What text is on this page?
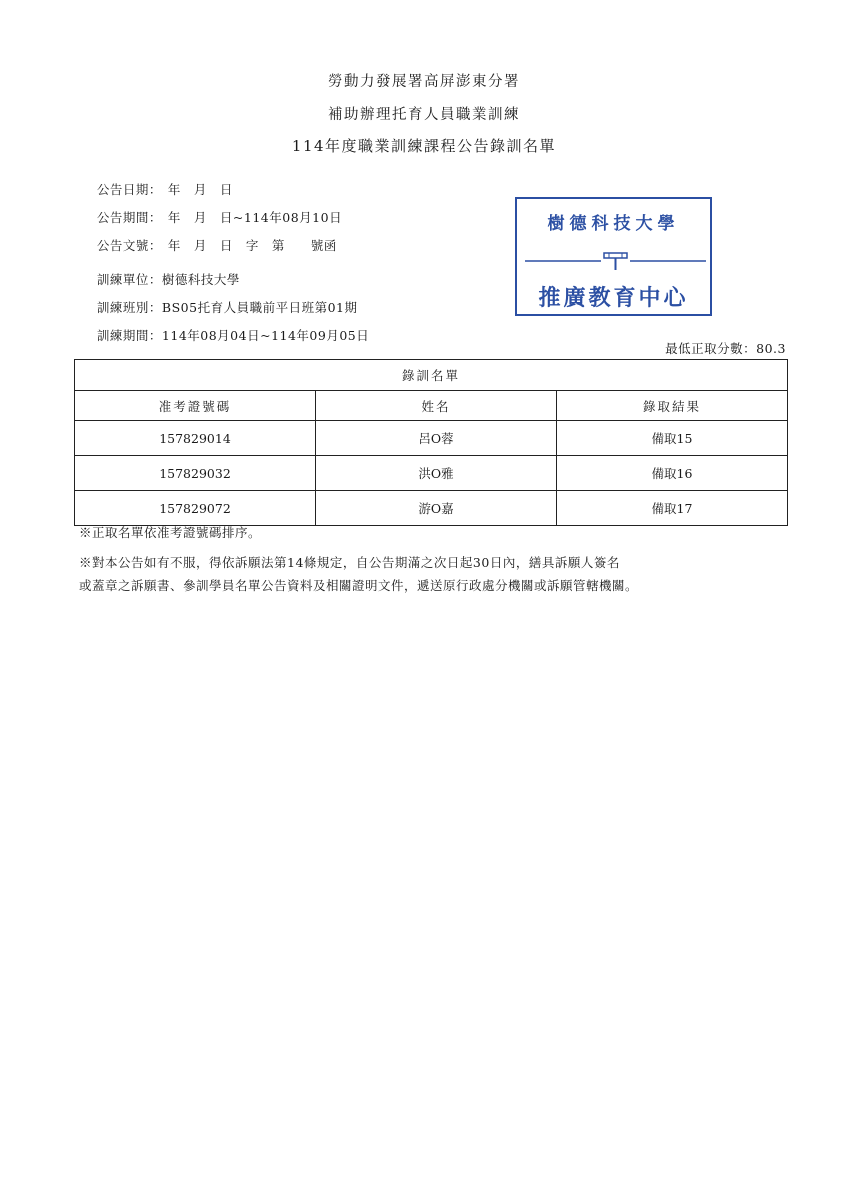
勞動力發展署高屏澎東分署
補助辦理托育人員職業訓練
114年度職業訓練課程公告錄訓名單

公告日期： 年　月　日

公告期間： 年　月　日~114年08月10日

公告文號： 年　月　日　字　第　　號函

訓練單位：樹德科技大學

訓練班別：BS05托育人員職前平日班第01期

訓練期間：114年08月04日~114年09月05日

樹德科技大學
推廣教育中心
最低正取分數：80.3
錄訓名單		
准考證號碼	姓名	錄取結果
157829014	呂O蓉	備取15
157829032	洪O雅	備取16
157829072	游O嘉	備取17
※正取名單依准考證號碼排序。
※對本公告如有不服，得依訴願法第14條規定，自公告期滿之次日起30日內，繕具訴願人簽名
或蓋章之訴願書、參訓學員名單公告資料及相關證明文件，遞送原行政處分機關或訴願管轄機關。
